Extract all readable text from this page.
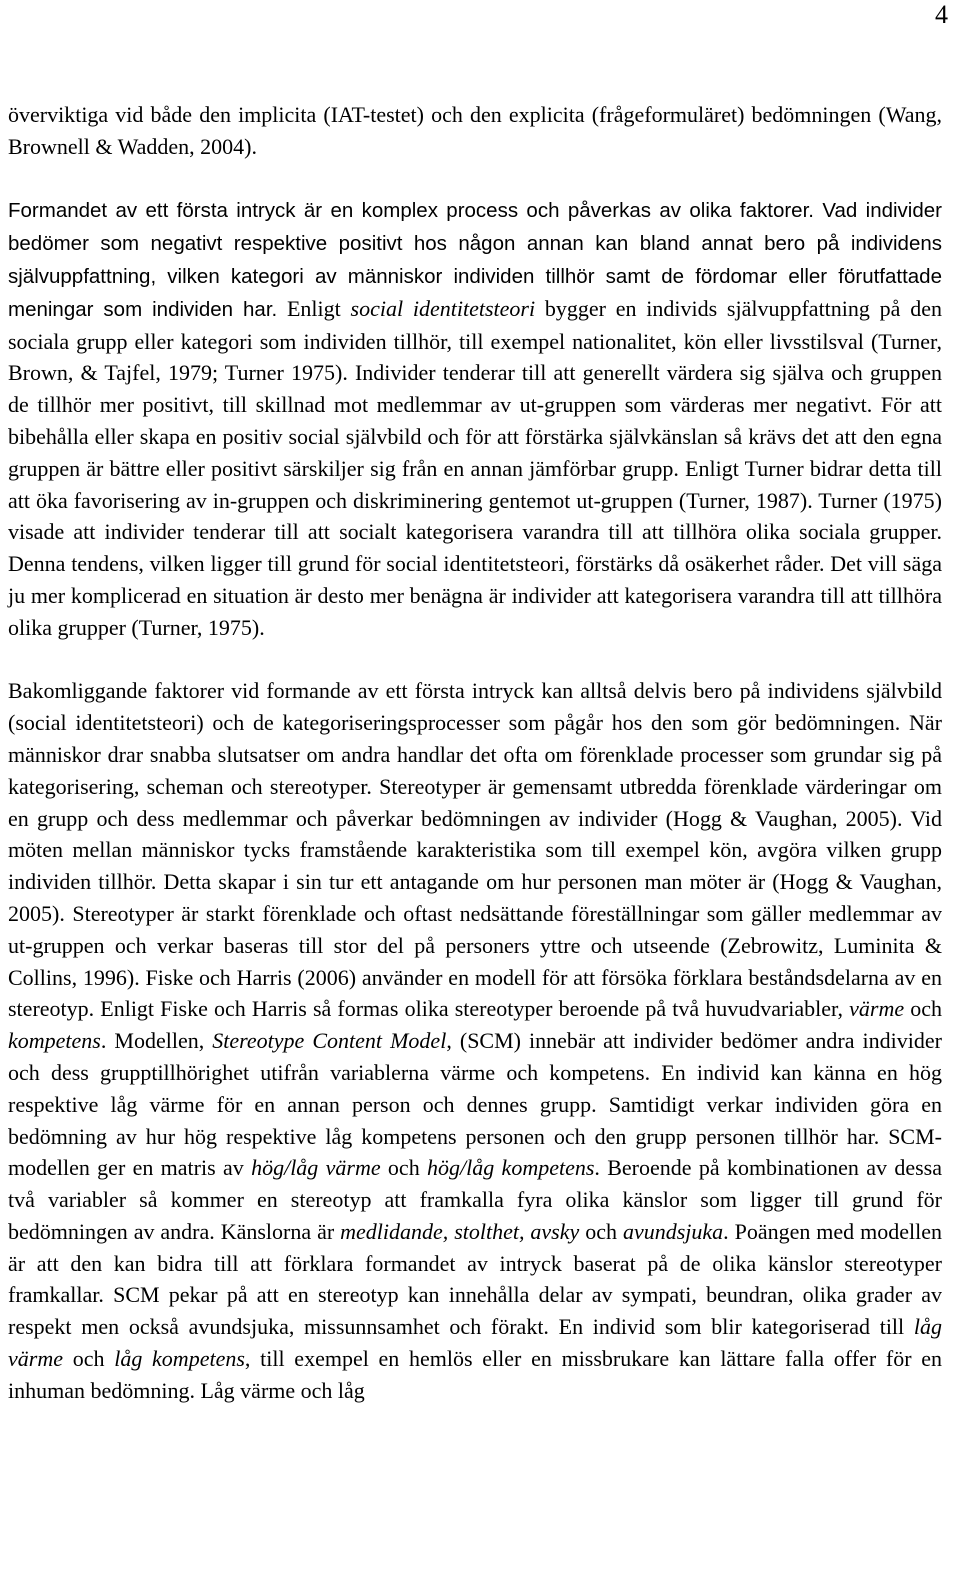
4

överviktiga vid både den implicita (IAT-testet) och den explicita (frågeformuläret) bedömningen (Wang, Brownell & Wadden, 2004).

Formandet av ett första intryck är en komplex process och påverkas av olika faktorer. Vad individer bedömer som negativt respektive positivt hos någon annan kan bland annat bero på individens självuppfattning, vilken kategori av människor individen tillhör samt de fördomar eller förutfattade meningar som individen har. Enligt social identitetsteori bygger en individs självuppfattning på den sociala grupp eller kategori som individen tillhör, till exempel nationalitet, kön eller livsstilsval (Turner, Brown, & Tajfel, 1979; Turner 1975). Individer tenderar till att generellt värdera sig själva och gruppen de tillhör mer positivt, till skillnad mot medlemmar av ut-gruppen som värderas mer negativt. För att bibehålla eller skapa en positiv social självbild och för att förstärka självkänslan så krävs det att den egna gruppen är bättre eller positivt särskiljer sig från en annan jämförbar grupp. Enligt Turner bidrar detta till att öka favorisering av in-gruppen och diskriminering gentemot ut-gruppen (Turner, 1987). Turner (1975) visade att individer tenderar till att socialt kategorisera varandra till att tillhöra olika sociala grupper. Denna tendens, vilken ligger till grund för social identitetsteori, förstärks då osäkerhet råder. Det vill säga ju mer komplicerad en situation är desto mer benägna är individer att kategorisera varandra till att tillhöra olika grupper (Turner, 1975).

Bakomliggande faktorer vid formande av ett första intryck kan alltså delvis bero på individens självbild (social identitetsteori) och de kategoriseringsprocesser som pågår hos den som gör bedömningen. När människor drar snabba slutsatser om andra handlar det ofta om förenklade processer som grundar sig på kategorisering, scheman och stereotyper. Stereotyper är gemensamt utbredda förenklade värderingar om en grupp och dess medlemmar och påverkar bedömningen av individer (Hogg & Vaughan, 2005). Vid möten mellan människor tycks framstående karakteristika som till exempel kön, avgöra vilken grupp individen tillhör. Detta skapar i sin tur ett antagande om hur personen man möter är (Hogg & Vaughan, 2005). Stereotyper är starkt förenklade och oftast nedsättande föreställningar som gäller medlemmar av ut-gruppen och verkar baseras till stor del på personers yttre och utseende (Zebrowitz, Luminita & Collins, 1996). Fiske och Harris (2006) använder en modell för att försöka förklara beståndsdelarna av en stereotyp. Enligt Fiske och Harris så formas olika stereotyper beroende på två huvudvariabler, värme och kompetens. Modellen, Stereotype Content Model, (SCM) innebär att individer bedömer andra individer och dess grupptillhörighet utifrån variablerna värme och kompetens. En individ kan känna en hög respektive låg värme för en annan person och dennes grupp. Samtidigt verkar individen göra en bedömning av hur hög respektive låg kompetens personen och den grupp personen tillhör har. SCM-modellen ger en matris av hög/låg värme och hög/låg kompetens. Beroende på kombinationen av dessa två variabler så kommer en stereotyp att framkalla fyra olika känslor som ligger till grund för bedömningen av andra. Känslorna är medlidande, stolthet, avsky och avundsjuka. Poängen med modellen är att den kan bidra till att förklara formandet av intryck baserat på de olika känslor stereotyper framkallar. SCM pekar på att en stereotyp kan innehålla delar av sympati, beundran, olika grader av respekt men också avundsjuka, missunnsamhet och förakt. En individ som blir kategoriserad till låg värme och låg kompetens, till exempel en hemlös eller en missbrukare kan lättare falla offer för en inhuman bedömning. Låg värme och låg
